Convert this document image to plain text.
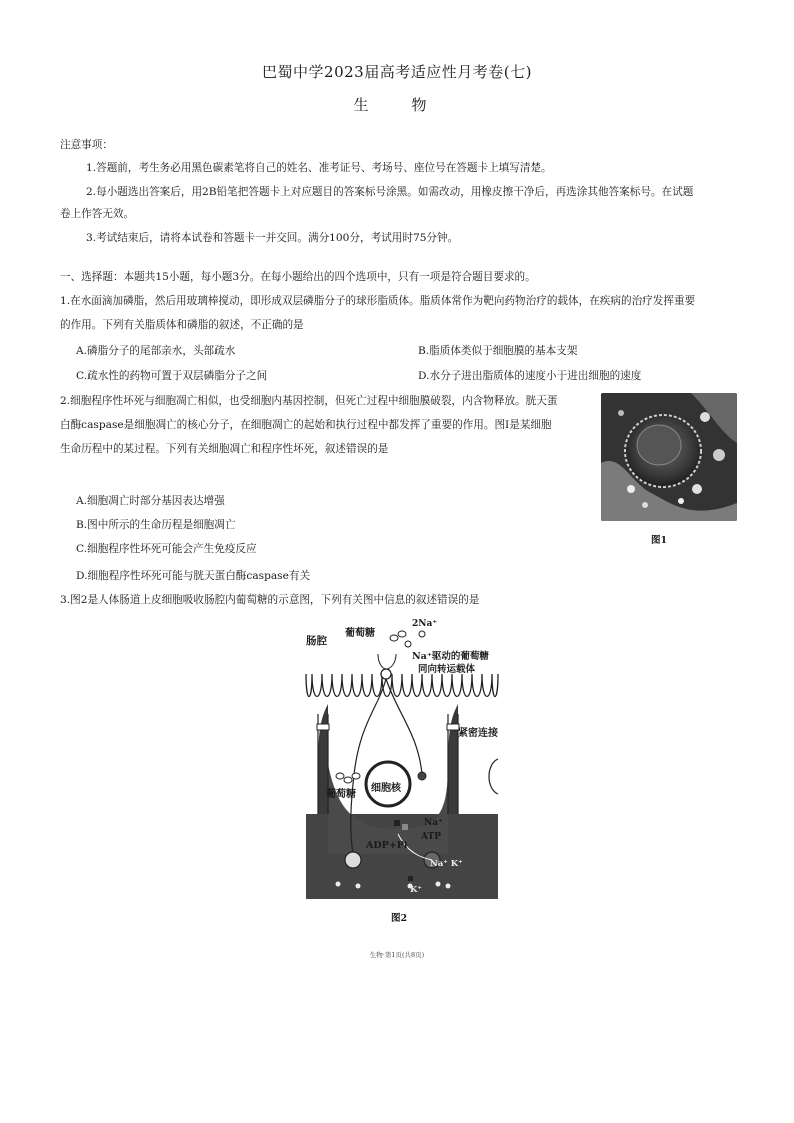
巴蜀中学2023届高考适应性月考卷(七)
生　物
注意事项：
1.答题前，考生务必用黑色碳素笔将自己的姓名、准考证号、考场号、座位号在答题卡上填写清楚。
2.每小题选出答案后，用2B铅笔把答题卡上对应题目的答案标号涂黑。如需改动，用橡皮擦干净后，再选涂其他答案标号。在试题
卷上作答无效。
3.考试结束后，请将本试卷和答题卡一并交回。满分100分，考试用时75分钟。
一、选择题：本题共15小题，每小题3分。在每小题给出的四个选项中，只有一项是符合题目要求的。
1.在水面滴加磷脂，然后用玻璃棒搅动，即形成双层磷脂分子的球形脂质体。脂质体常作为靶向药物治疗的载体，在疾病的治疗发挥重要
的作用。下列有关脂质体和磷脂的叙述，不正确的是
A.磷脂分子的尾部亲水，头部疏水	B.脂质体类似于细胞膜的基本支架
C.疏水性的药物可置于双层磷脂分子之间	D.水分子进出脂质体的速度小于进出细胞的速度
2.细胞程序性坏死与细胞凋亡相似，也受细胞内基因控制，但死亡过程中细胞膜破裂，内含物释放。胱天蛋
白酶caspase是细胞凋亡的核心分子，在细胞凋亡的起始和执行过程中都发挥了重要的作用。图Ⅰ是某细胞
生命历程中的某过程。下列有关细胞凋亡和程序性坏死，叙述错误的是
A.细胞凋亡时部分基因表达增强
B.图中所示的生命历程是细胞凋亡
C.细胞程序性坏死可能会产生免疫反应
D.细胞程序性坏死可能与胱天蛋白酶caspase有关
图1
3.图2是人体肠道上皮细胞吸收肠腔内葡萄糖的示意图，下列有关图中信息的叙述错误的是
肠腔
葡萄糖
2Na⁺
Na⁺驱动的葡萄糖
同向转运载体
紧密连接
葡萄糖
细胞核
Na⁺
ATP
ADP+Pi
Na⁺ K⁺
K⁺
图2
生物·第1页(共8页)
